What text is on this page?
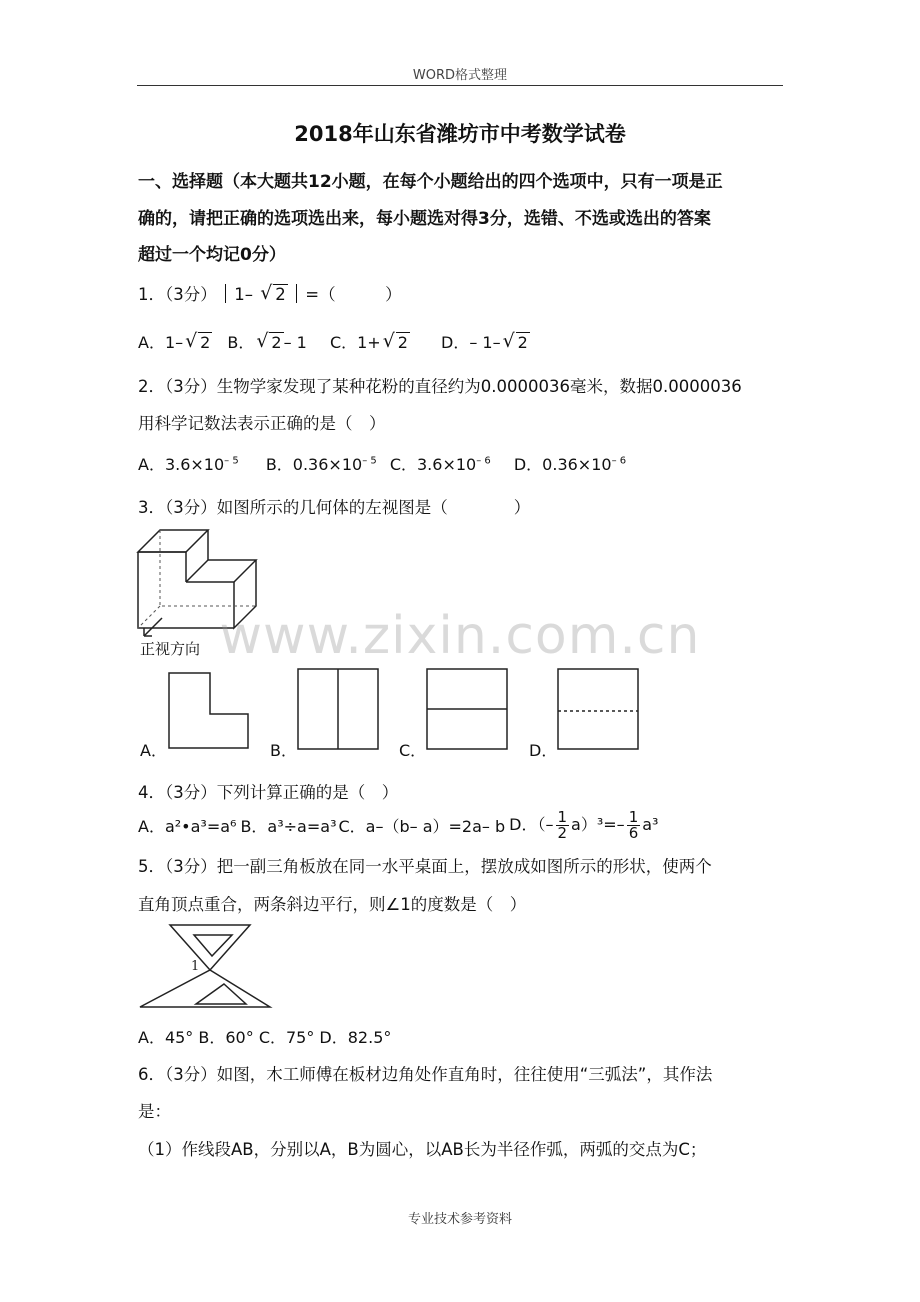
WORD格式整理
2018年山东省潍坊市中考数学试卷
一、选择题（本大题共12小题，在每个小题给出的四个选项中，只有一项是正
确的，请把正确的选项选出来，每小题选对得3分，选错、不选或选出的答案
超过一个均记0分）
1．（3分） 1– √ 2 =（　　　）
A．1– √ 2 B． √ 2 – 1 C．1+ √ 2 D．– 1– √ 2
2．（3分）生物学家发现了某种花粉的直径约为0.0000036毫米，数据0.0000036
用科学记数法表示正确的是（　）
A．$3.6\times 10^{- 5}$ B．$0.36\times 10^{- 5}$ C．$3.6\times 10^{- 6}$ D．$0.36\times 10^{- 6}$
3．（3分）如图所示的几何体的左视图是（　　　　）
正视方向
A．	B．	C．	D．
4．（3分）下列计算正确的是（　）
A．a²•a³=a⁶ B．a³÷a=a³ C．a–（b– a）=2a– b D．（– $\frac{1}{2} a)^3=- \frac{1}{6} a^3$
5．（3分）把一副三角板放在同一水平桌面上，摆放成如图所示的形状，使两个
直角顶点重合，两条斜边平行，则∠1的度数是（　）
1
A．45° B．60° C．75° D．82.5°
6．（3分）如图，木工师傅在板材边角处作直角时，往往使用“三弧法”，其作法
是：
（1）作线段AB，分别以A，B为圆心，以AB长为半径作弧，两弧的交点为C；
www.zixin.com.cn
专业技术参考资料
